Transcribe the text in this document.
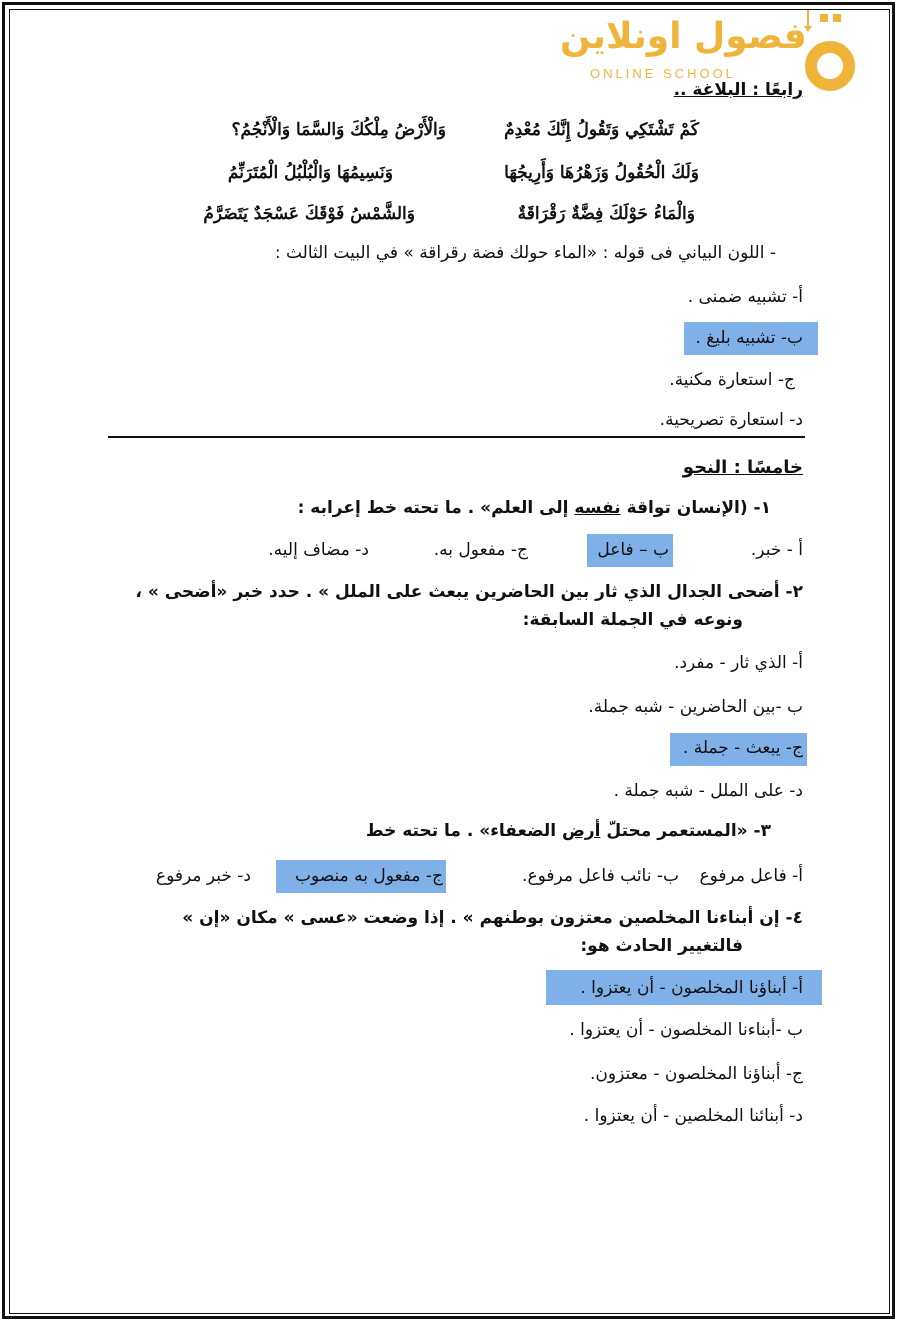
فصول اونلاين
ONLINE SCHOOL
رابعًا : البلاغة ..
كَمْ تَشْتَكِي وَتَقُولُ إِنَّكَ مُعْدِمٌ
وَالْأَرْضُ مِلْكُكَ وَالسَّمَا وَالْأَنْجُمُ؟
وَلَكَ الْحُقُولُ وَزَهْرُهَا وَأَرِيجُهَا
وَنَسِيمُهَا وَالْبُلْبُلُ الْمُتَرَنِّمُ
وَالْمَاءُ حَوْلَكَ فِضَّةٌ رَقْرَاقَةٌ
وَالشَّمْسُ فَوْقَكَ عَسْجَدٌ يَتَضَرَّمُ
- اللون البياني فى قوله : «الماء حولك فضة رقراقة » في البيت الثالث :
أ- تشبيه ضمنى .
ب- تشبيه بليغ .
ج- استعارة مكنية.
د- استعارة تصريحية.
خامسًا : النحو
١- (الإنسان تواقة نفسه إلى العلم» . ما تحته خط إعرابه :
أ - خبر.
ب – فاعل
ج- مفعول به.
د- مضاف إليه.
٢- أضحى الجدال الذي ثار بين الحاضرين يبعث على الملل » . حدد خبر «أضحى » ،
ونوعه في الجملة السابقة:
أ- الذي ثار - مفرد.
ب -بين الحاضرين - شبه جملة.
ج- يبعث - جملة .
د- على الملل - شبه جملة .
٣- «المستعمر محتلّ أرض الضعفاء» . ما تحته خط
أ- فاعل مرفوع
ب- نائب فاعل مرفوع.
ج- مفعول به منصوب
د- خبر مرفوع
٤- إن أبناءنا المخلصين معتزون بوطنهم » . إذا وضعت «عسى » مكان «إن »
فالتغيير الحادث هو:
أ- أبناؤنا المخلصون - أن يعتزوا .
ب -أبناءنا المخلصون - أن يعتزوا .
ج- أبناؤنا المخلصون - معتزون.
د- أبنائنا المخلصين - أن يعتزوا .
